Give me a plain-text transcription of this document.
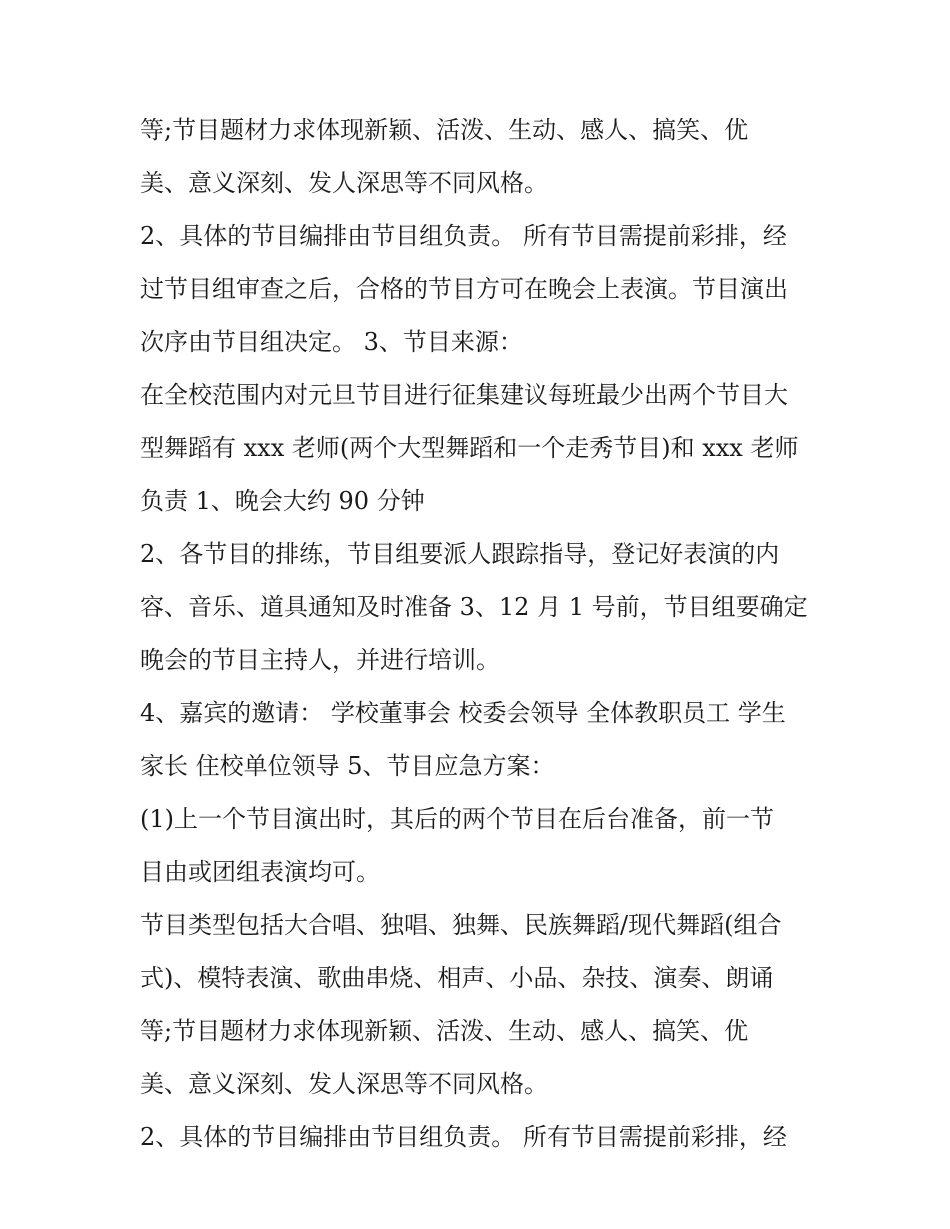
等;节目题材力求体现新颖、活泼、生动、感人、搞笑、优
美、意义深刻、发人深思等不同风格。
2、具体的节目编排由节目组负责。 所有节目需提前彩排，经
过节目组审查之后，合格的节目方可在晚会上表演。节目演出
次序由节目组决定。 3、节目来源：
在全校范围内对元旦节目进行征集建议每班最少出两个节目大
型舞蹈有 xxx 老师(两个大型舞蹈和一个走秀节目)和 xxx 老师
负责 1、晚会大约 90 分钟
2、各节目的排练，节目组要派人跟踪指导，登记好表演的内
容、音乐、道具通知及时准备 3、12 月 1 号前，节目组要确定
晚会的节目主持人，并进行培训。
4、嘉宾的邀请： 学校董事会 校委会领导 全体教职员工 学生
家长 住校单位领导 5、节目应急方案：
(1)上一个节目演出时，其后的两个节目在后台准备，前一节
目由或团组表演均可。
节目类型包括大合唱、独唱、独舞、民族舞蹈/现代舞蹈(组合
式)、模特表演、歌曲串烧、相声、小品、杂技、演奏、朗诵
等;节目题材力求体现新颖、活泼、生动、感人、搞笑、优
美、意义深刻、发人深思等不同风格。
2、具体的节目编排由节目组负责。 所有节目需提前彩排，经
